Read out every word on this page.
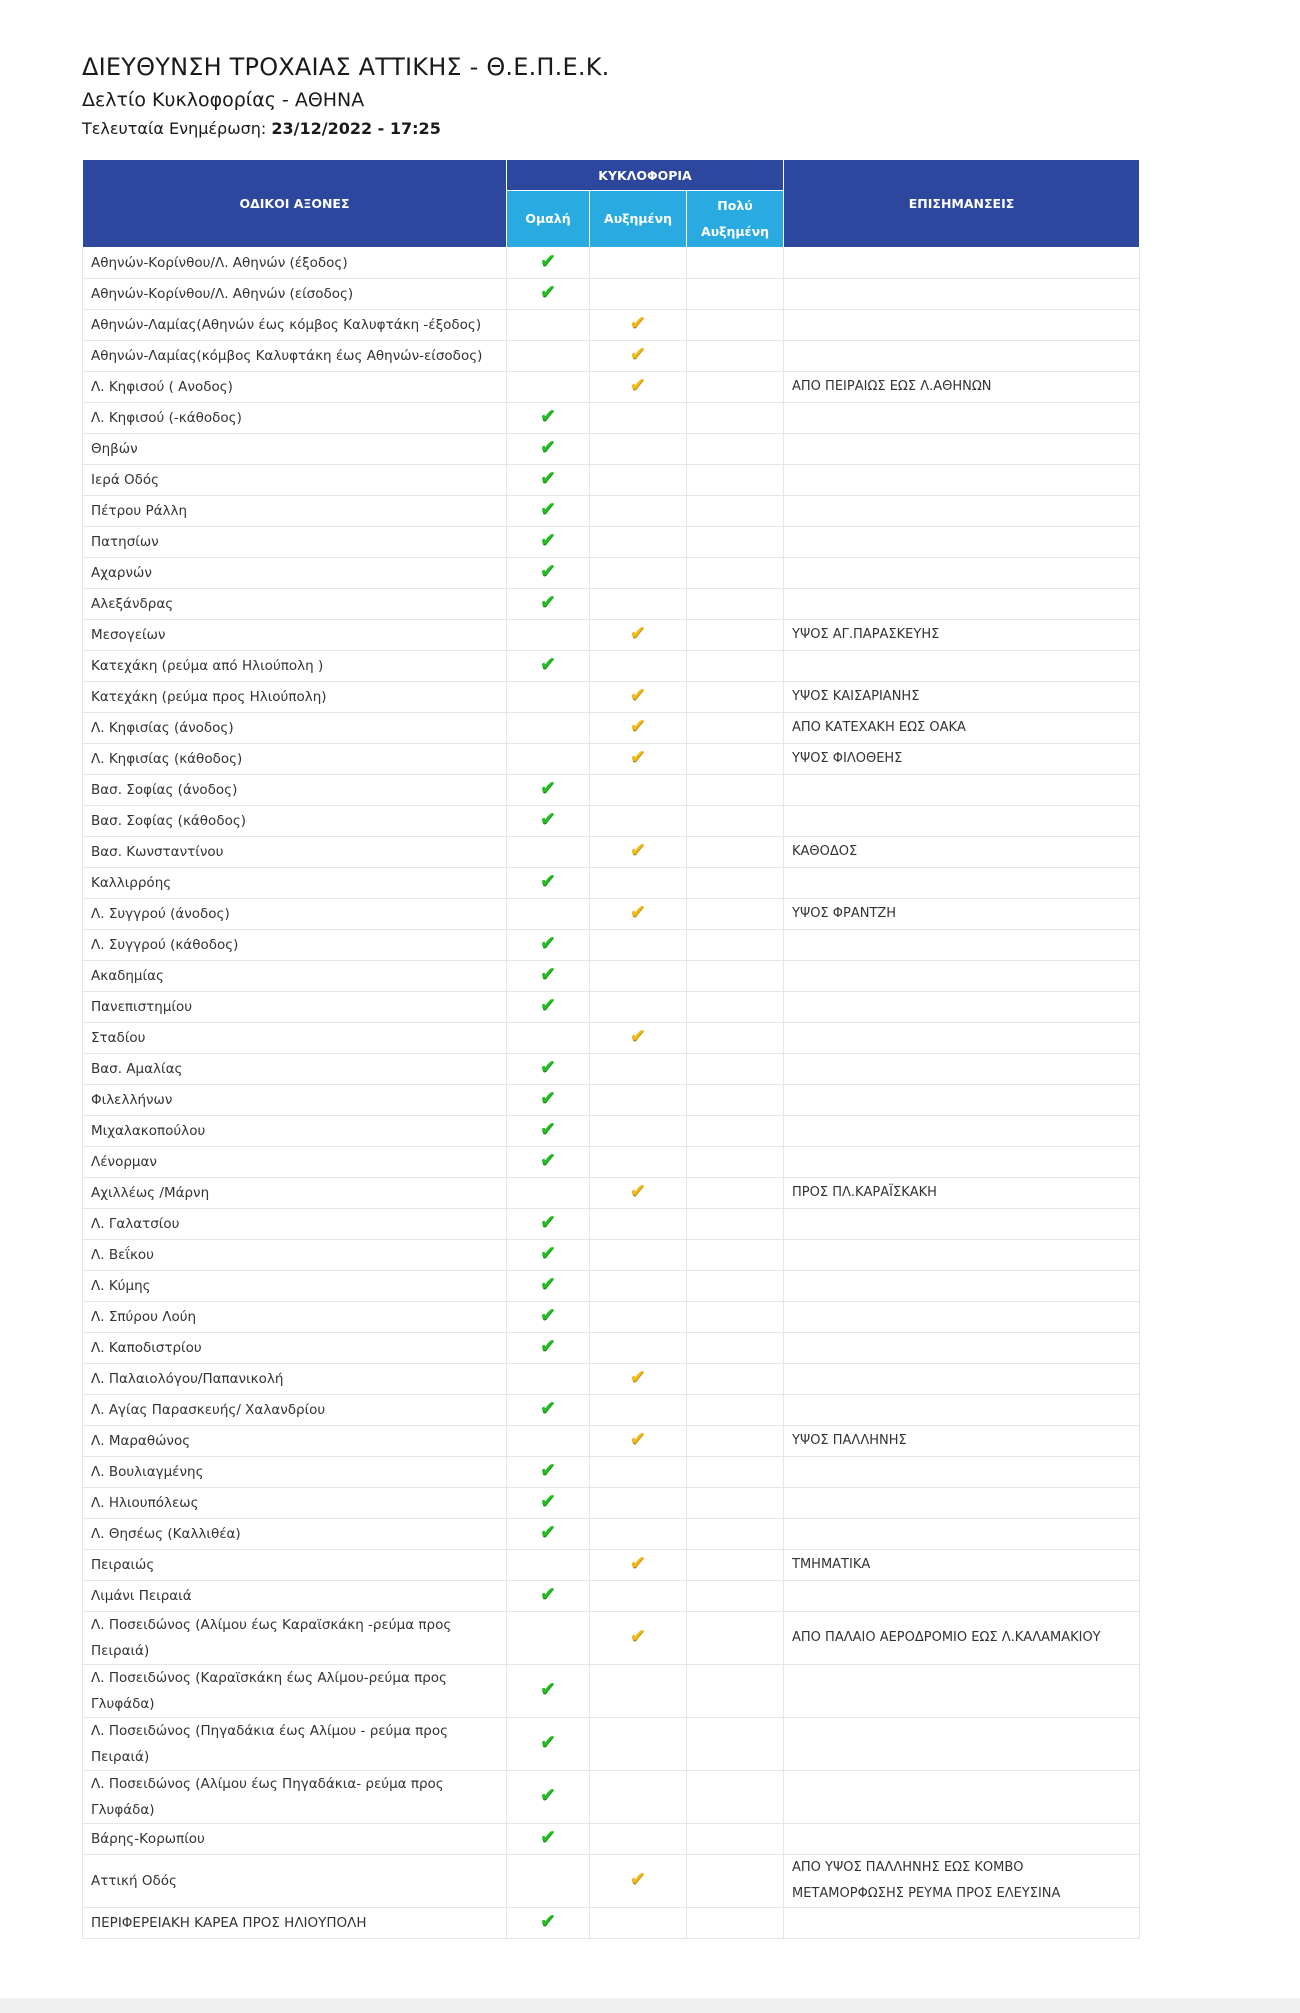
ΔΙΕΥΘΥΝΣΗ ΤΡΟΧΑΙΑΣ ΑΤΤΙΚΗΣ - Θ.Ε.Π.Ε.Κ.
Δελτίο Κυκλοφορίας - ΑΘΗΝΑ
Τελευταία Ενημέρωση: 23/12/2022 - 17:25
ΟΔΙΚΟΙ ΑΞΟΝΕΣ	ΚΥΚΛΟΦΟΡΙΑ			ΕΠΙΣΗΜΑΝΣΕΙΣ
	Ομαλή	Αυξημένη	Πολύ
Αυξημένη	
Αθηνών-Κορίνθου/Λ. Αθηνών (έξοδος)	✔			
Αθηνών-Κορίνθου/Λ. Αθηνών (είσοδος)	✔			
Αθηνών-Λαμίας(Αθηνών έως κόμβος Καλυφτάκη -έξοδος)		✔		
Αθηνών-Λαμίας(κόμβος Καλυφτάκη έως Αθηνών-είσοδος)		✔		
Λ. Κηφισού ( Ανοδος)		✔		ΑΠΟ ΠΕΙΡΑΙΩΣ ΕΩΣ Λ.ΑΘΗΝΩΝ
Λ. Κηφισού (-κάθοδος)	✔			
Θηβών	✔			
Ιερά Οδός	✔			
Πέτρου Ράλλη	✔			
Πατησίων	✔			
Αχαρνών	✔			
Αλεξάνδρας	✔			
Μεσογείων		✔		ΥΨΟΣ ΑΓ.ΠΑΡΑΣΚΕΥΗΣ
Κατεχάκη (ρεύμα από Ηλιούπολη )	✔			
Κατεχάκη (ρεύμα προς Ηλιούπολη)		✔		ΥΨΟΣ ΚΑΙΣΑΡΙΑΝΗΣ
Λ. Κηφισίας (άνοδος)		✔		ΑΠΟ ΚΑΤΕΧΑΚΗ ΕΩΣ ΟΑΚΑ
Λ. Κηφισίας (κάθοδος)		✔		ΥΨΟΣ ΦΙΛΟΘΕΗΣ
Βασ. Σοφίας (άνοδος)	✔			
Βασ. Σοφίας (κάθοδος)	✔			
Βασ. Κωνσταντίνου		✔		ΚΑΘΟΔΟΣ
Καλλιρρόης	✔			
Λ. Συγγρού (άνοδος)		✔		ΥΨΟΣ ΦΡΑΝΤΖΗ
Λ. Συγγρού (κάθοδος)	✔			
Ακαδημίας	✔			
Πανεπιστημίου	✔			
Σταδίου		✔		
Βασ. Αμαλίας	✔			
Φιλελλήνων	✔			
Μιχαλακοπούλου	✔			
Λένορμαν	✔			
Αχιλλέως /Μάρνη		✔		ΠΡΟΣ ΠΛ.ΚΑΡΑΪΣΚΑΚΗ
Λ. Γαλατσίου	✔			
Λ. Βεΐκου	✔			
Λ. Κύμης	✔			
Λ. Σπύρου Λούη	✔			
Λ. Καποδιστρίου	✔			
Λ. Παλαιολόγου/Παπανικολή		✔		
Λ. Αγίας Παρασκευής/ Χαλανδρίου	✔			
Λ. Μαραθώνος		✔		ΥΨΟΣ ΠΑΛΛΗΝΗΣ
Λ. Βουλιαγμένης	✔			
Λ. Ηλιουπόλεως	✔			
Λ. Θησέως (Καλλιθέα)	✔			
Πειραιώς		✔		ΤΜΗΜΑΤΙΚΑ
Λιμάνι Πειραιά	✔			
Λ. Ποσειδώνος (Αλίμου έως Καραϊσκάκη -ρεύμα προς Πειραιά)		✔		ΑΠΟ ΠΑΛΑΙΟ ΑΕΡΟΔΡΟΜΙΟ ΕΩΣ Λ.ΚΑΛΑΜΑΚΙΟΥ
Λ. Ποσειδώνος (Καραϊσκάκη έως Αλίμου-ρεύμα προς Γλυφάδα)	✔			
Λ. Ποσειδώνος (Πηγαδάκια έως Αλίμου - ρεύμα προς Πειραιά)	✔			
Λ. Ποσειδώνος (Αλίμου έως Πηγαδάκια- ρεύμα προς Γλυφάδα)	✔			
Βάρης-Κορωπίου	✔			
Αττική Οδός		✔		ΑΠΟ ΥΨΟΣ ΠΑΛΛΗΝΗΣ ΕΩΣ ΚΟΜΒΟ ΜΕΤΑΜΟΡΦΩΣΗΣ ΡΕΥΜΑ ΠΡΟΣ ΕΛΕΥΣΙΝΑ
ΠΕΡΙΦΕΡΕΙΑΚΗ ΚΑΡΕΑ ΠΡΟΣ ΗΛΙΟΥΠΟΛΗ	✔			
